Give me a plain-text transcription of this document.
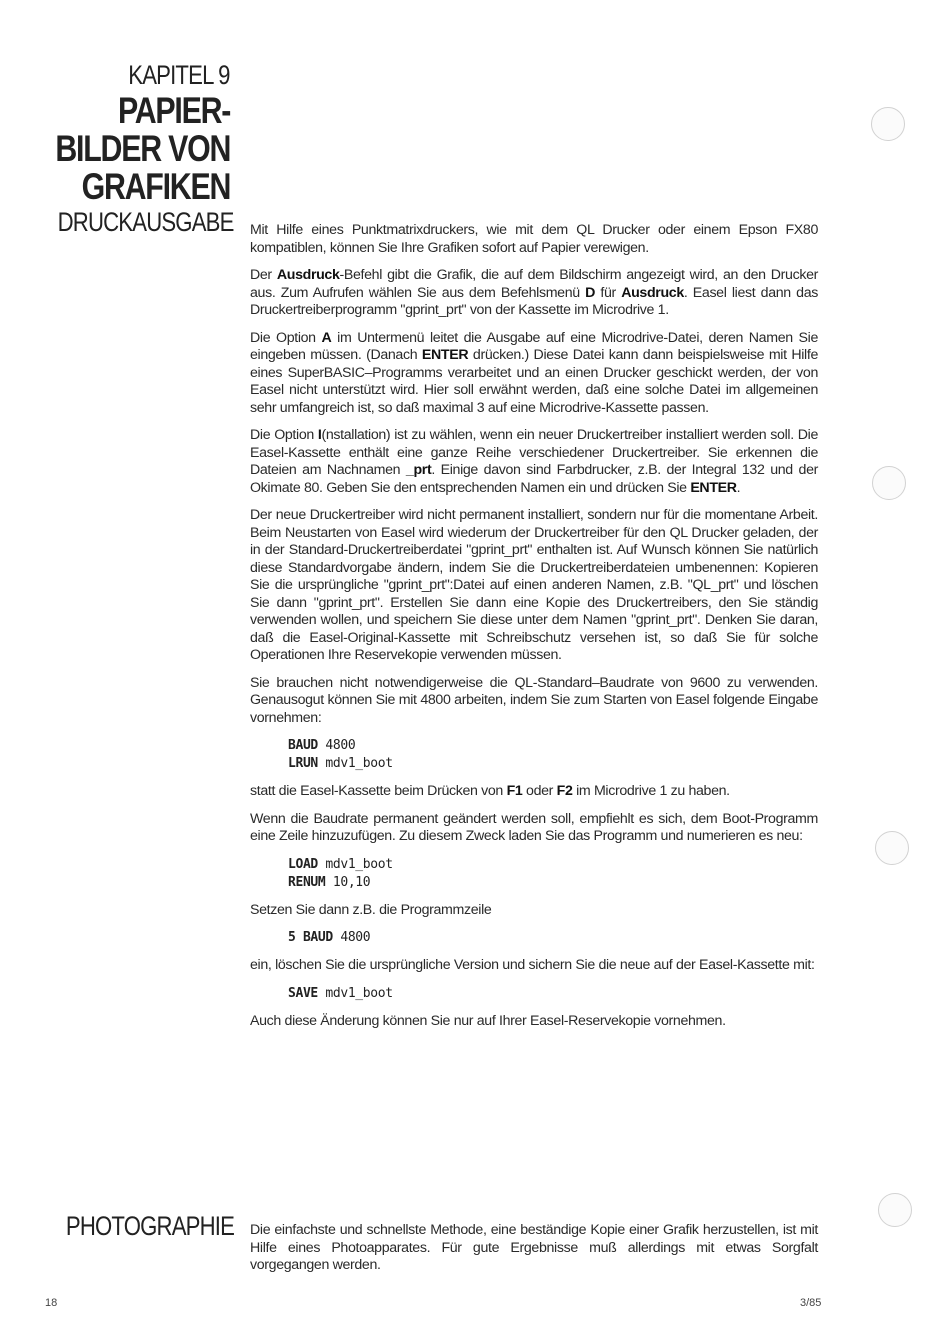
KAPITEL 9
PAPIER-
BILDER VON
GRAFIKEN
DRUCKAUSGABE Mit Hilfe eines Punktmatrixdruckers, wie mit dem QL Drucker oder einem Epson FX80 kompatiblen, können Sie Ihre Grafiken sofort auf Papier verewigen.

Der Ausdruck-Befehl gibt die Grafik, die auf dem Bildschirm angezeigt wird, an den Drucker aus. Zum Aufrufen wählen Sie aus dem Befehlsmenü D für Ausdruck. Easel liest dann das Druckertreiberprogramm "gprint_prt" von der Kassette im Microdrive 1.

Die Option A im Untermenü leitet die Ausgabe auf eine Microdrive-Datei, deren Namen Sie eingeben müssen. (Danach ENTER drücken.) Diese Datei kann dann beispielsweise mit Hilfe eines SuperBASIC–Programms verarbeitet und an einen Drucker geschickt werden, der von Easel nicht unterstützt wird. Hier soll erwähnt werden, daß eine solche Datei im allgemeinen sehr umfangreich ist, so daß maximal 3 auf eine Microdrive-Kassette passen.

Die Option I(nstallation) ist zu wählen, wenn ein neuer Druckertreiber installiert werden soll. Die Easel-Kassette enthält eine ganze Reihe verschiedener Druckertreiber. Sie erkennen die Dateien am Nachnamen _prt. Einige davon sind Farbdrucker, z.B. der Integral 132 und der Okimate 80. Geben Sie den entsprechenden Namen ein und drücken Sie ENTER.

Der neue Druckertreiber wird nicht permanent installiert, sondern nur für die momentane Arbeit. Beim Neustarten von Easel wird wiederum der Druckertreiber für den QL Drucker geladen, der in der Standard-Druckertreiberdatei "gprint_prt" enthalten ist. Auf Wunsch können Sie natürlich diese Standardvorgabe ändern, indem Sie die Druckertreiberdateien umbenennen: Kopieren Sie die ursprüngliche "gprint_prt":Datei auf einen anderen Namen, z.B. "QL_prt" und löschen Sie dann "gprint_prt". Erstellen Sie dann eine Kopie des Druckertreibers, den Sie ständig verwenden wollen, und speichern Sie diese unter dem Namen "gprint_prt". Denken Sie daran, daß die Easel-Original-Kassette mit Schreibschutz versehen ist, so daß Sie für solche Operationen Ihre Reservekopie verwenden müssen.

Sie brauchen nicht notwendigerweise die QL-Standard–Baudrate von 9600 zu verwenden. Genausogut können Sie mit 4800 arbeiten, indem Sie zum Starten von Easel folgende Eingabe vornehmen:

BAUD 4800
LRUN mdv1_boot

statt die Easel-Kassette beim Drücken von F1 oder F2 im Microdrive 1 zu haben.

Wenn die Baudrate permanent geändert werden soll, empfiehlt es sich, dem Boot-Programm eine Zeile hinzuzufügen. Zu diesem Zweck laden Sie das Programm und numerieren es neu:

LOAD mdv1_boot
RENUM 10,10

Setzen Sie dann z.B. die Programmzeile

5 BAUD 4800

ein, löschen Sie die ursprüngliche Version und sichern Sie die neue auf der Easel-Kassette mit:

SAVE mdv1_boot

Auch diese Änderung können Sie nur auf Ihrer Easel-Reservekopie vornehmen.

PHOTOGRAPHIE Die einfachste und schnellste Methode, eine beständige Kopie einer Grafik herzustellen, ist mit Hilfe eines Photoapparates. Für gute Ergebnisse muß allerdings mit etwas Sorgfalt vorgegangen werden.

18	3/85
